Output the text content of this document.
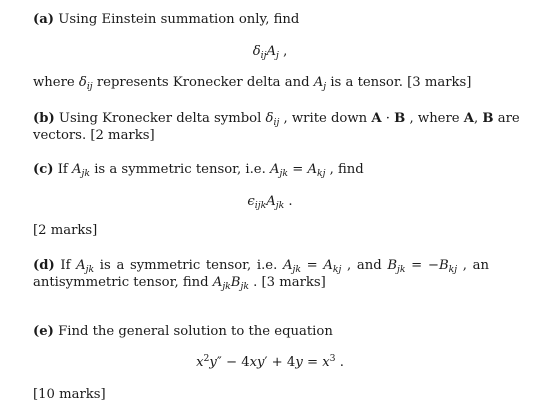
(a) Using Einstein summation only, find
$\delta_{ij}A_j$ ,
where $\delta_{ij}$ represents Kronecker delta and $A_j$ is a tensor. [3 marks]
(b) Using Kronecker delta symbol $\delta_{ij}$ , write down A · B , where A, B are
vectors. [2 marks]
(c) If $A_{jk}$ is a symmetric tensor, i.e. $A_{jk} = A_{kj}$ , find
$\epsilon_{ijk}A_{jk}$ .
[2 marks]
(d) If $A_{jk}$ is a symmetric tensor, i.e. $A_{jk} = A_{kj}$ , and $B_{jk} = -B_{kj}$ , an
antisymmetric tensor, find $A_{jk}B_{jk}$ . [3 marks]
(e) Find the general solution to the equation
$x^2y'' - 4xy' + 4y = x^3$ .
[10 marks]
